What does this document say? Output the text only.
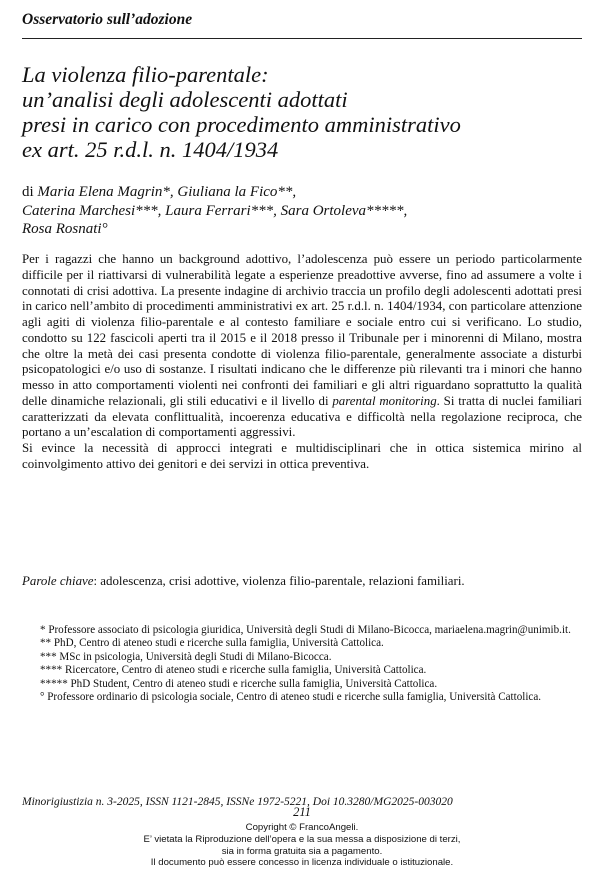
Osservatorio sull’adozione
La violenza filio-parentale:
un’analisi degli adolescenti adottati
presi in carico con procedimento amministrativo
ex art. 25 r.d.l. n. 1404/1934
di Maria Elena Magrin*, Giuliana la Fico**,
Caterina Marchesi***, Laura Ferrari***, Sara Ortoleva*****,
Rosa Rosnati°

Per i ragazzi che hanno un background adottivo, l’adolescenza può essere un periodo particolarmente difficile per il riattivarsi di vulnerabilità legate a esperienze preadottive avverse, fino ad assumere a volte i connotati di crisi adottiva. La presente indagine di archivio traccia un profilo degli adolescenti adottati presi in carico nell’ambito di procedimenti amministrativi ex art. 25 r.d.l. n. 1404/1934, con particolare attenzione agli agiti di violenza filio-parentale e al contesto familiare e sociale entro cui si verificano. Lo studio, condotto su 122 fascicoli aperti tra il 2015 e il 2018 presso il Tribunale per i minorenni di Milano, mostra che oltre la metà dei casi presenta condotte di violenza filio-parentale, generalmente associate a disturbi psicopatologici e/o uso di sostanze. I risultati indicano che le differenze più rilevanti tra i minori che hanno messo in atto comportamenti violenti nei confronti dei familiari e gli altri riguardano soprattutto la qualità delle dinamiche relazionali, gli stili educativi e il livello di parental monitoring. Si tratta di nuclei familiari caratterizzati da elevata conflittualità, incoerenza educativa e difficoltà nella regolazione reciproca, che portano a un’escalation di comportamenti aggressivi.

Si evince la necessità di approcci integrati e multidisciplinari che in ottica sistemica mirino al coinvolgimento attivo dei genitori e dei servizi in ottica preventiva.

Parole chiave: adolescenza, crisi adottive, violenza filio-parentale, relazioni familiari.
* Professore associato di psicologia giuridica, Università degli Studi di Milano-Bicocca, mariaelena.magrin@unimib.it.
** PhD, Centro di ateneo studi e ricerche sulla famiglia, Università Cattolica.
*** MSc in psicologia, Università degli Studi di Milano-Bicocca.
**** Ricercatore, Centro di ateneo studi e ricerche sulla famiglia, Università Cattolica.
***** PhD Student, Centro di ateneo studi e ricerche sulla famiglia, Università Cattolica.
° Professore ordinario di psicologia sociale, Centro di ateneo studi e ricerche sulla famiglia, Università Cattolica.
Minorigiustizia n. 3-2025, ISSN 1121-2845, ISSNe 1972-5221, Doi 10.3280/MG2025-003020
211
Copyright © FrancoAngeli.
E’ vietata la Riproduzione dell’opera e la sua messa a disposizione di terzi,
sia in forma gratuita sia a pagamento.
Il documento può essere concesso in licenza individuale o istituzionale.
